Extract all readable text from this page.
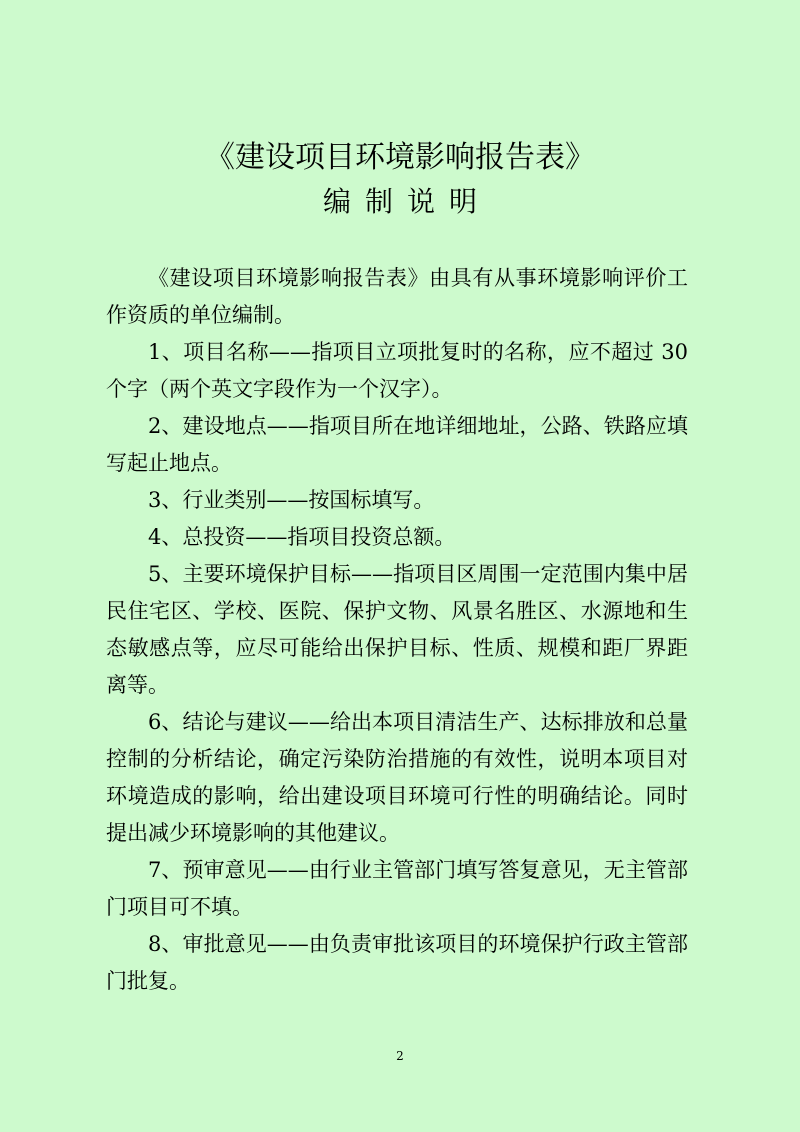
《建设项目环境影响报告表》
编制说明

《建设项目环境影响报告表》由具有从事环境影响评价工作资质的单位编制。

1、项目名称——指项目立项批复时的名称，应不超过 30 个字（两个英文字段作为一个汉字）。

2、建设地点——指项目所在地详细地址，公路、铁路应填写起止地点。

3、行业类别——按国标填写。

4、总投资——指项目投资总额。

5、主要环境保护目标——指项目区周围一定范围内集中居民住宅区、学校、医院、保护文物、风景名胜区、水源地和生态敏感点等，应尽可能给出保护目标、性质、规模和距厂界距离等。

6、结论与建议——给出本项目清洁生产、达标排放和总量控制的分析结论，确定污染防治措施的有效性，说明本项目对环境造成的影响，给出建设项目环境可行性的明确结论。同时提出减少环境影响的其他建议。

7、预审意见——由行业主管部门填写答复意见，无主管部门项目可不填。

8、审批意见——由负责审批该项目的环境保护行政主管部门批复。

2
